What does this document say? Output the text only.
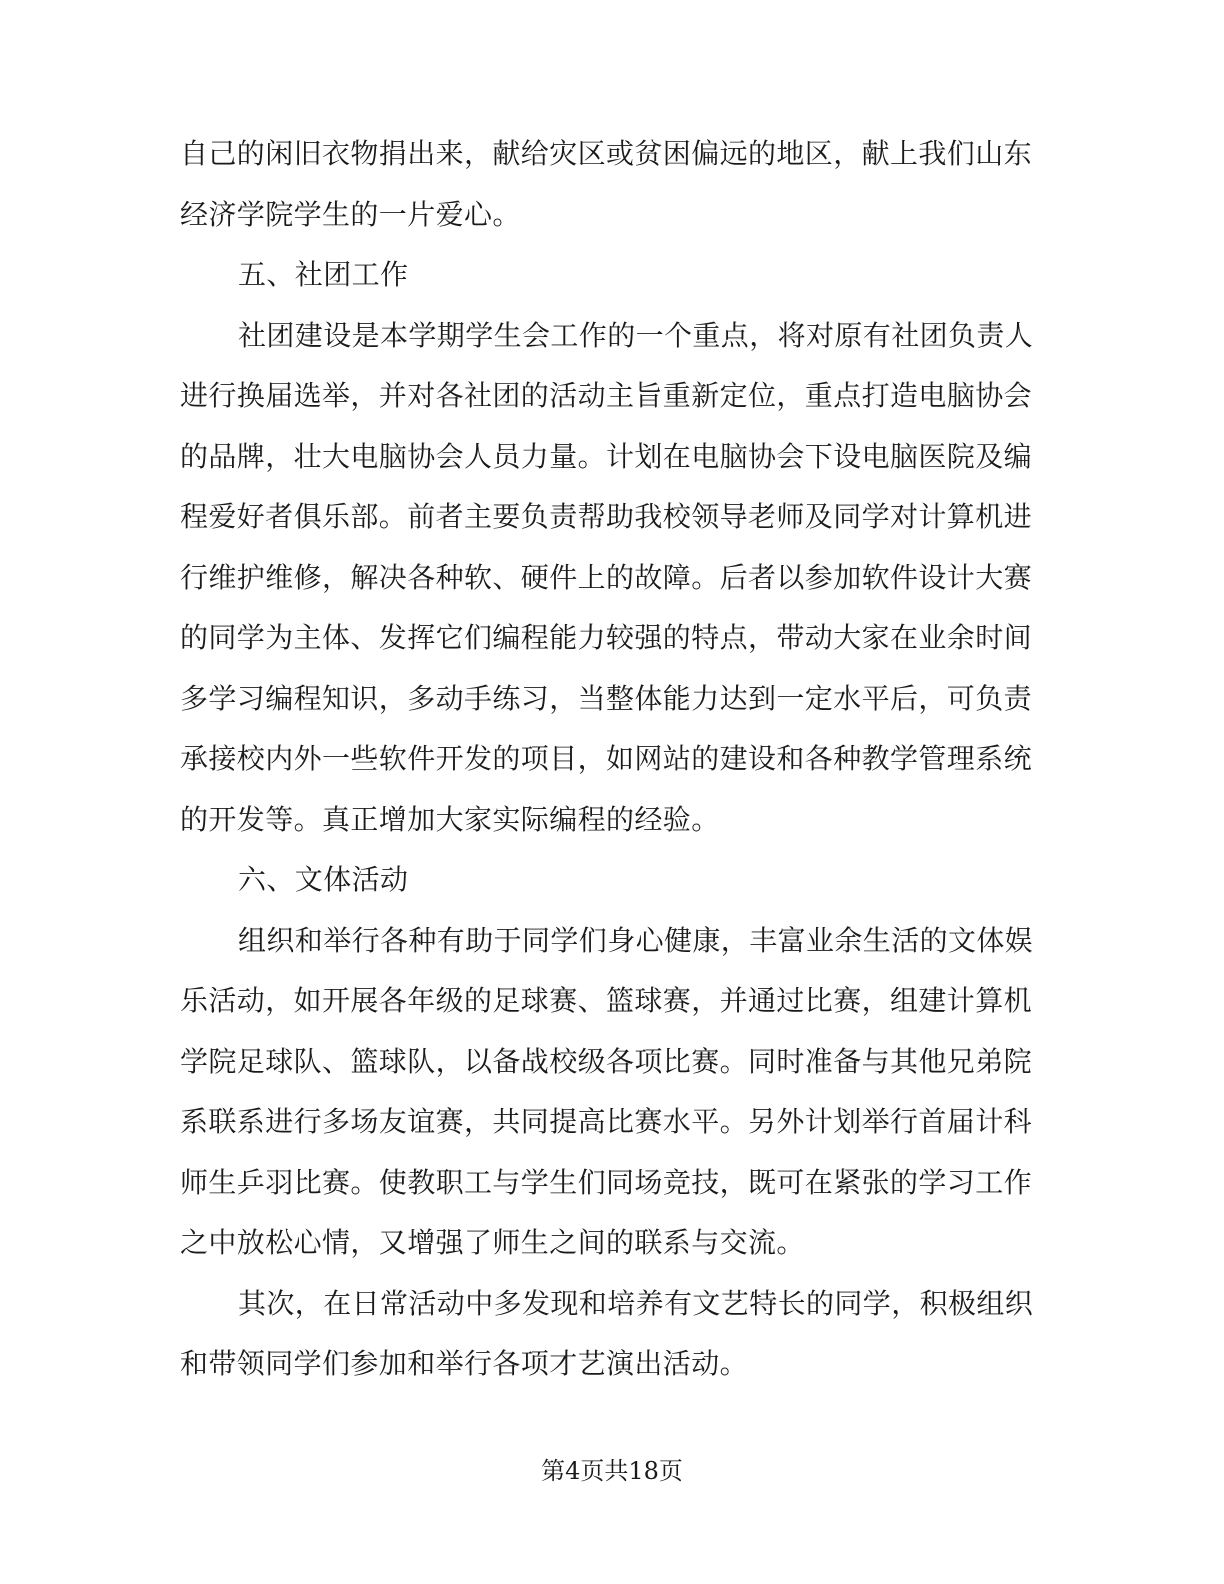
自己的闲旧衣物捐出来，献给灾区或贫困偏远的地区，献上我们山东
经济学院学生的一片爱心。
五、社团工作
社团建设是本学期学生会工作的一个重点，将对原有社团负责人
进行换届选举，并对各社团的活动主旨重新定位，重点打造电脑协会
的品牌，壮大电脑协会人员力量。计划在电脑协会下设电脑医院及编
程爱好者俱乐部。前者主要负责帮助我校领导老师及同学对计算机进
行维护维修，解决各种软、硬件上的故障。后者以参加软件设计大赛
的同学为主体、发挥它们编程能力较强的特点，带动大家在业余时间
多学习编程知识，多动手练习，当整体能力达到一定水平后，可负责
承接校内外一些软件开发的项目，如网站的建设和各种教学管理系统
的开发等。真正增加大家实际编程的经验。
六、文体活动
组织和举行各种有助于同学们身心健康，丰富业余生活的文体娱
乐活动，如开展各年级的足球赛、篮球赛，并通过比赛，组建计算机
学院足球队、篮球队，以备战校级各项比赛。同时准备与其他兄弟院
系联系进行多场友谊赛，共同提高比赛水平。另外计划举行首届计科
师生乒羽比赛。使教职工与学生们同场竞技，既可在紧张的学习工作
之中放松心情，又增强了师生之间的联系与交流。
其次，在日常活动中多发现和培养有文艺特长的同学，积极组织
和带领同学们参加和举行各项才艺演出活动。
第4页共18页
